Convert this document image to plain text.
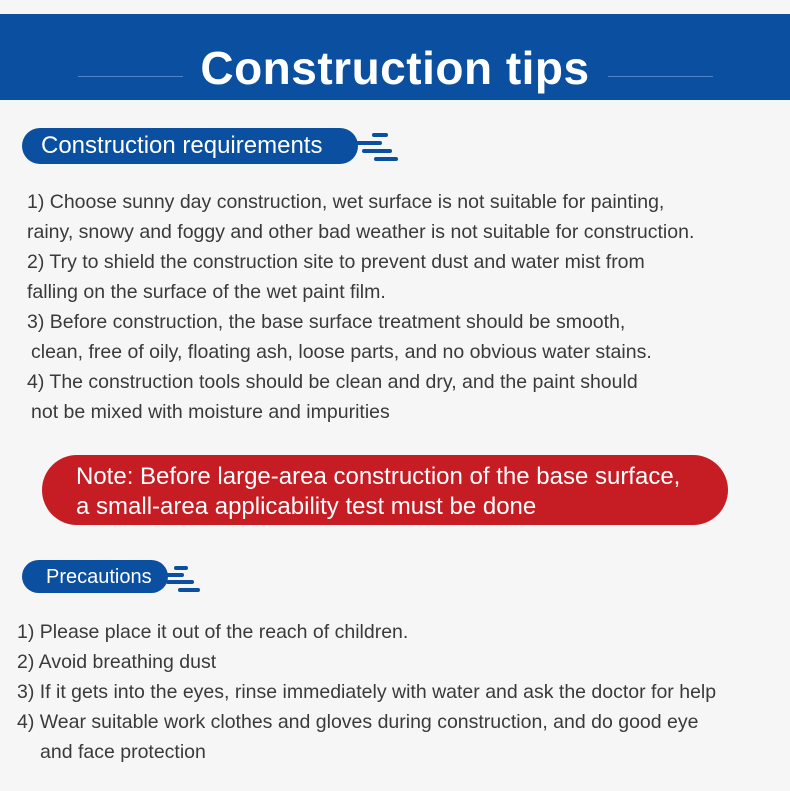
Construction tips
Construction requirements
1) Choose sunny day construction, wet surface is not suitable for painting,
rainy, snowy and foggy and other bad weather is not suitable for construction.
2) Try to shield the construction site to prevent dust and water mist from
falling on the surface of the wet paint film.
3) Before construction, the base surface treatment should be smooth,
clean, free of oily, floating ash, loose parts, and no obvious water stains.
4) The construction tools should be clean and dry, and the paint should
not be mixed with moisture and impurities
Note: Before large-area construction of the base surface,
a small-area applicability test must be done
Precautions
1) Please place it out of the reach of children.
2) Avoid breathing dust
3) If it gets into the eyes, rinse immediately with water and ask the doctor for help
4) Wear suitable work clothes and gloves during construction, and do good eye
and face protection
